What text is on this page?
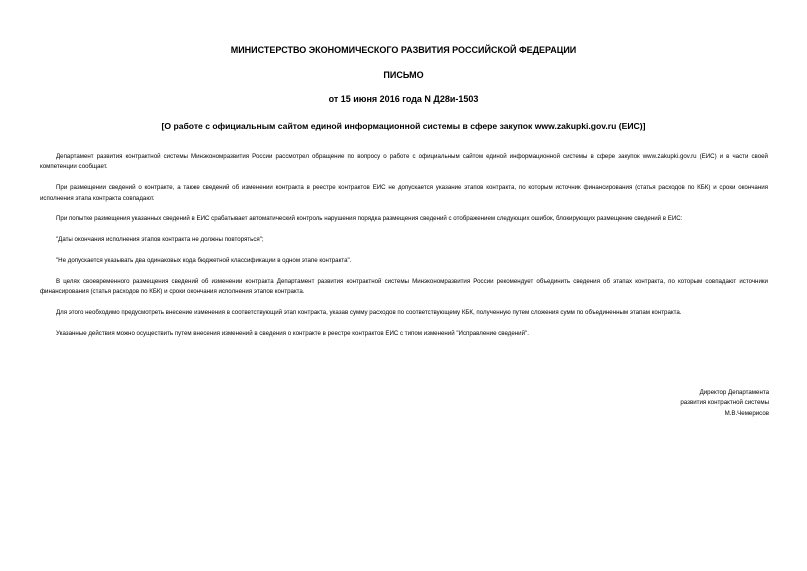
МИНИСТЕРСТВО ЭКОНОМИЧЕСКОГО РАЗВИТИЯ РОССИЙСКОЙ ФЕДЕРАЦИИ
ПИСЬМО
от 15 июня 2016 года N Д28и-1503
[О работе с официальным сайтом единой информационной системы в сфере закупок www.zakupki.gov.ru (ЕИС)]

Департамент развития контрактной системы Минэкономразвития России рассмотрел обращение по вопросу о работе с официальным сайтом единой информационной системы в сфере закупок www.zakupki.gov.ru (ЕИС) и в части своей компетенции сообщает.

При размещении сведений о контракте, а также сведений об изменении контракта в реестре контрактов ЕИС не допускается указание этапов контракта, по которым источник финансирования (статья расходов по КБК) и сроки окончания исполнения этапа контракта совпадают.

При попытке размещения указанных сведений в ЕИС срабатывает автоматический контроль нарушения порядка размещения сведений с отображением следующих ошибок, блокирующих размещение сведений в ЕИС:

"Даты окончания исполнения этапов контракта не должны повторяться";

"Не допускается указывать два одинаковых кода бюджетной классификации в одном этапе контракта".

В целях своевременного размещения сведений об изменении контракта Департамент развития контрактной системы Минэкономразвития России рекомендует объединить сведения об этапах контракта, по которым совпадают источники финансирования (статья расходов по КБК) и сроки окончания исполнения этапов контракта.

Для этого необходимо предусмотреть внесение изменения в соответствующий этап контракта, указав сумму расходов по соответствующему КБК, полученную путем сложения сумм по объединенным этапам контракта.

Указанные действия можно осуществить путем внесения изменений в сведения о контракте в реестре контрактов ЕИС с типом изменений "Исправление сведений".

Директор Департамента
развития контрактной системы
М.В.Чемерисов
